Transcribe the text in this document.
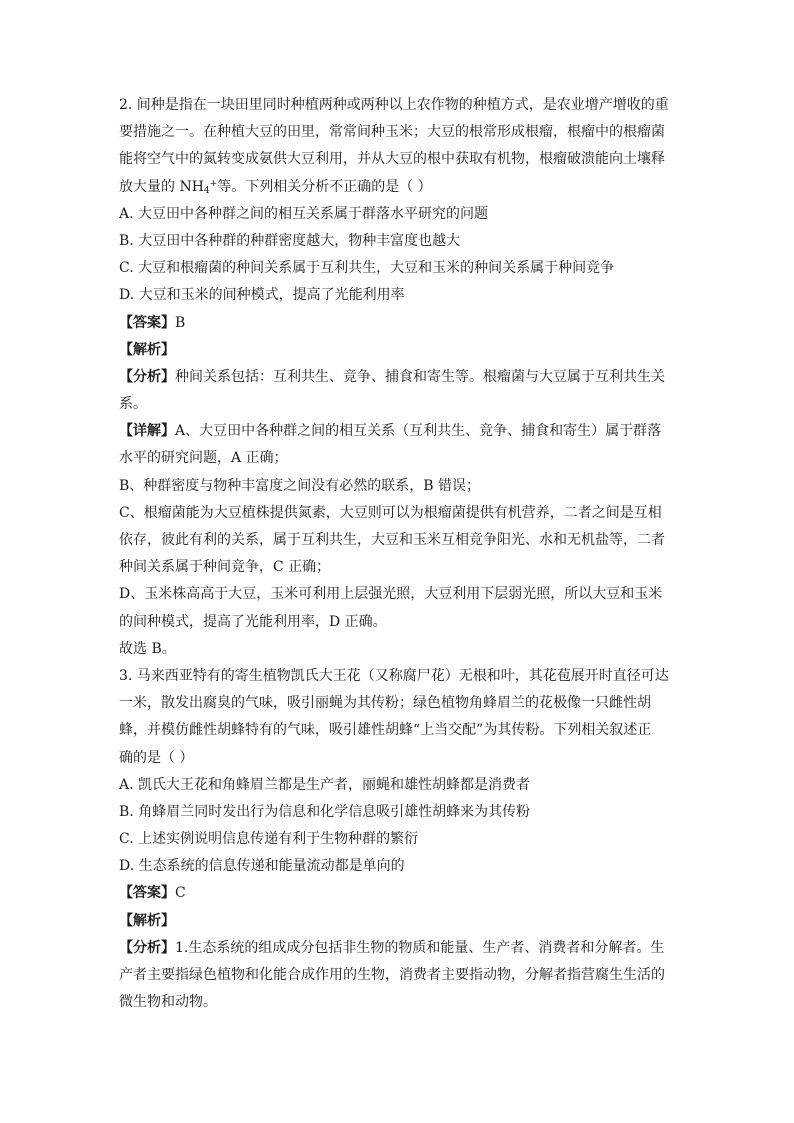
2. 间种是指在一块田里同时种植两种或两种以上农作物的种植方式，是农业增产增收的重
要措施之一。在种植大豆的田里，常常间种玉米；大豆的根常形成根瘤，根瘤中的根瘤菌
能将空气中的氮转变成氨供大豆利用，并从大豆的根中获取有机物，根瘤破溃能向土壤释
放大量的 $NH_4^+$等。下列相关分析不正确的是（ ）
A. 大豆田中各种群之间的相互关系属于群落水平研究的问题
B. 大豆田中各种群的种群密度越大，物种丰富度也越大
C. 大豆和根瘤菌的种间关系属于互利共生，大豆和玉米的种间关系属于种间竞争
D. 大豆和玉米的间种模式，提高了光能利用率
【答案】B
【解析】
【分析】种间关系包括：互利共生、竞争、捕食和寄生等。根瘤菌与大豆属于互利共生关
系。
【详解】A、大豆田中各种群之间的相互关系（互利共生、竞争、捕食和寄生）属于群落
水平的研究问题，A 正确；
B、种群密度与物种丰富度之间没有必然的联系，B 错误；
C、根瘤菌能为大豆植株提供氮素，大豆则可以为根瘤菌提供有机营养，二者之间是互相
依存，彼此有利的关系，属于互利共生，大豆和玉米互相竞争阳光、水和无机盐等，二者
种间关系属于种间竞争，C 正确；
D、玉米株高高于大豆，玉米可利用上层强光照，大豆利用下层弱光照，所以大豆和玉米
的间种模式，提高了光能利用率，D 正确。
故选 B。
3. 马来西亚特有的寄生植物凯氏大王花（又称腐尸花）无根和叶，其花苞展开时直径可达
一米，散发出腐臭的气味，吸引丽蝇为其传粉；绿色植物角蜂眉兰的花极像一只雌性胡
蜂，并模仿雌性胡蜂特有的气味，吸引雄性胡蜂“上当交配”为其传粉。下列相关叙述正
确的是（ ）
A. 凯氏大王花和角蜂眉兰都是生产者，丽蝇和雄性胡蜂都是消费者
B. 角蜂眉兰同时发出行为信息和化学信息吸引雄性胡蜂来为其传粉
C. 上述实例说明信息传递有利于生物种群的繁衍
D. 生态系统的信息传递和能量流动都是单向的
【答案】C
【解析】
【分析】1.生态系统的组成成分包括非生物的物质和能量、生产者、消费者和分解者。生
产者主要指绿色植物和化能合成作用的生物，消费者主要指动物，分解者指营腐生生活的
微生物和动物。
